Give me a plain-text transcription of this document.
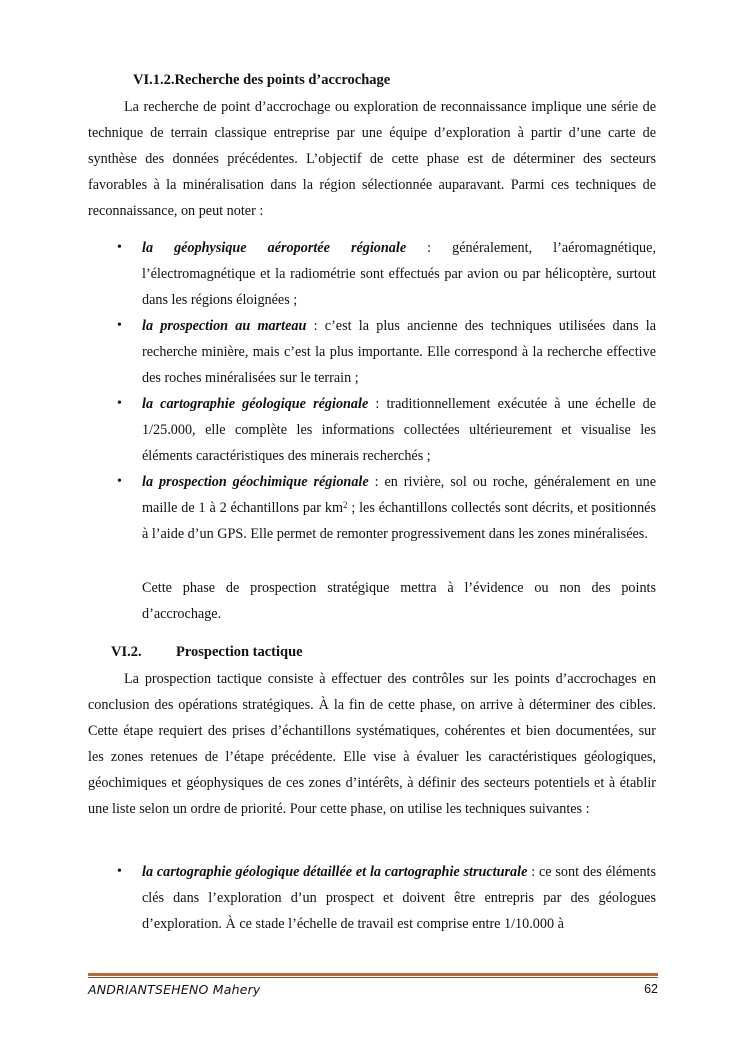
VI.1.2.Recherche des points d’accrochage

La recherche de point d’accrochage ou exploration de reconnaissance implique une série de technique de terrain classique entreprise par une équipe d’exploration à partir d’une carte de synthèse des données précédentes. L’objectif de cette phase est de déterminer des secteurs favorables à la minéralisation dans la région sélectionnée auparavant. Parmi ces techniques de reconnaissance, on peut noter :

• la géophysique aéroportée régionale : généralement, l’aéromagnétique, l’électromagnétique et la radiométrie sont effectués par avion ou par hélicoptère, surtout dans les régions éloignées ;
• la prospection au marteau : c’est la plus ancienne des techniques utilisées dans la recherche minière, mais c’est la plus importante. Elle correspond à la recherche effective des roches minéralisées sur le terrain ;
• la cartographie géologique régionale : traditionnellement exécutée à une échelle de 1/25.000, elle complète les informations collectées ultérieurement et visualise les éléments caractéristiques des minerais recherchés ;
• la prospection géochimique régionale : en rivière, sol ou roche, généralement en une maille de 1 à 2 échantillons par $km^2$ ; les échantillons collectés sont décrits, et positionnés à l’aide d’un GPS. Elle permet de remonter progressivement dans les zones minéralisées.

Cette phase de prospection stratégique mettra à l’évidence ou non des points d’accrochage.

VI.2. Prospection tactique

La prospection tactique consiste à effectuer des contrôles sur les points d’accrochages en conclusion des opérations stratégiques. À la fin de cette phase, on arrive à déterminer des cibles. Cette étape requiert des prises d’échantillons systématiques, cohérentes et bien documentées, sur les zones retenues de l’étape précédente. Elle vise à évaluer les caractéristiques géologiques, géochimiques et géophysiques de ces zones d’intérêts, à définir des secteurs potentiels et à établir une liste selon un ordre de priorité. Pour cette phase, on utilise les techniques suivantes :

• la cartographie géologique détaillée et la cartographie structurale : ce sont des éléments clés dans l’exploration d’un prospect et doivent être entrepris par des géologues d’exploration. À ce stade l’échelle de travail est comprise entre 1/10.000 à
ANDRIANTSEHENO Mahery	62
